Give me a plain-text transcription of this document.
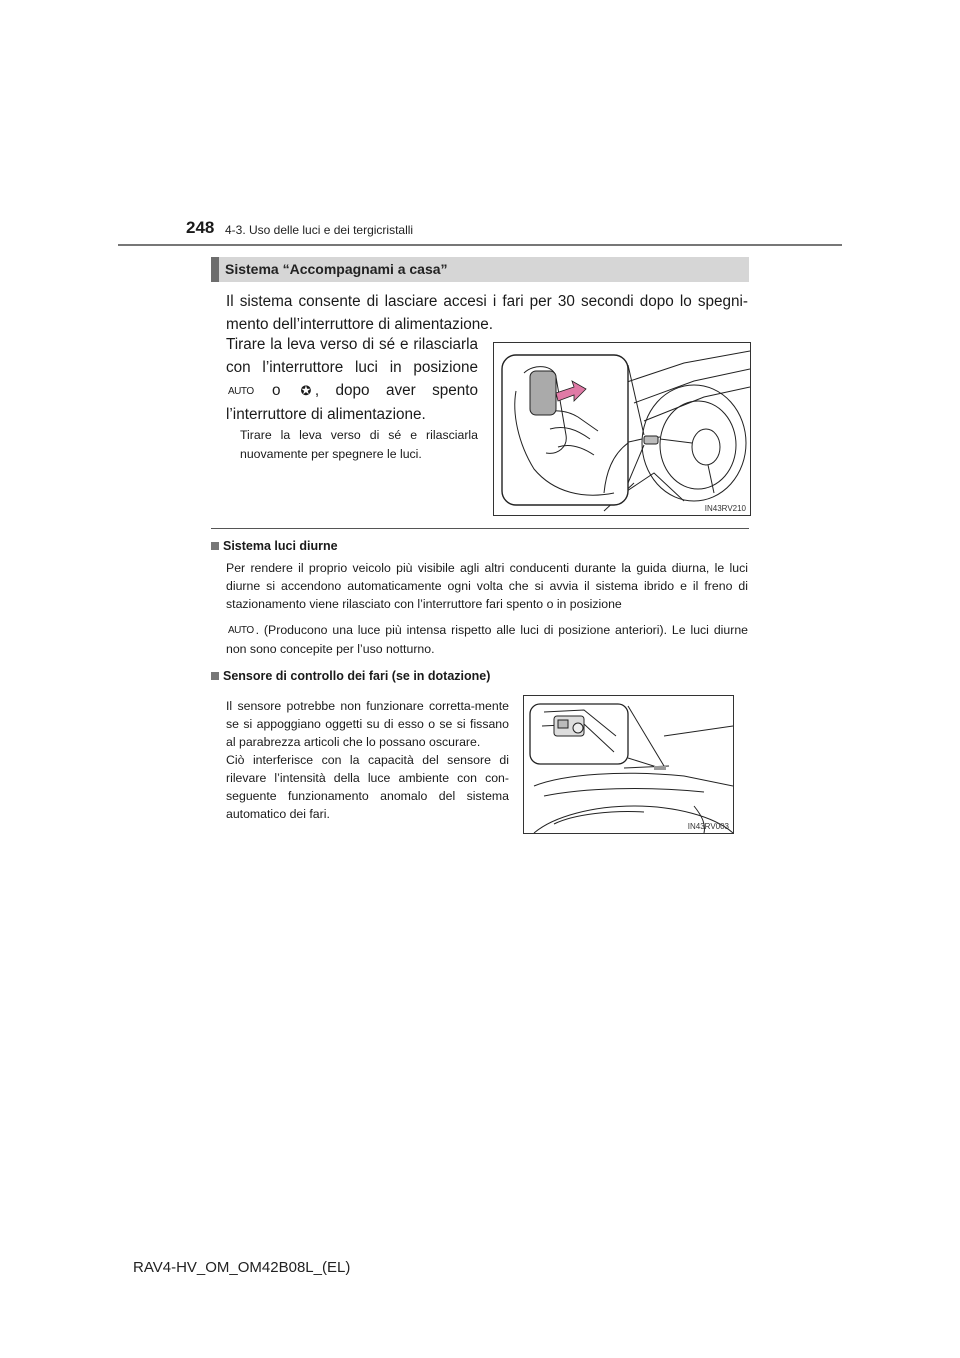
248 4-3. Uso delle luci e dei tergicristalli
Sistema “Accompagnami a casa”
Il sistema consente di lasciare accesi i fari per 30 secondi dopo lo spegni-mento dell’interruttore di alimentazione.
Tirare la leva verso di sé e rilasciarla con l’interruttore luci in posizione AUTO o ✪ , dopo aver spento l’interruttore di alimentazione.
Tirare la leva verso di sé e rilasciarla nuovamente per spegnere le luci.
IN43RV210
Sistema luci diurne
Per rendere il proprio veicolo più visibile agli altri conducenti durante la guida diurna, le luci diurne si accendono automaticamente ogni volta che si avvia il sistema ibrido e il freno di stazionamento viene rilasciato con l’interruttore fari spento o in posizione
AUTO . (Producono una luce più intensa rispetto alle luci di posizione anteriori). Le luci diurne non sono concepite per l’uso notturno.
Sensore di controllo dei fari (se in dotazione)
Il sensore potrebbe non funzionare corretta-mente se si appoggiano oggetti su di esso o se si fissano al parabrezza articoli che lo possano oscurare.
Ciò interferisce con la capacità del sensore di rilevare l’intensità della luce ambiente con con-seguente funzionamento anomalo del sistema automatico dei fari.
IN43RV003
RAV4-HV_OM_OM42B08L_(EL)
